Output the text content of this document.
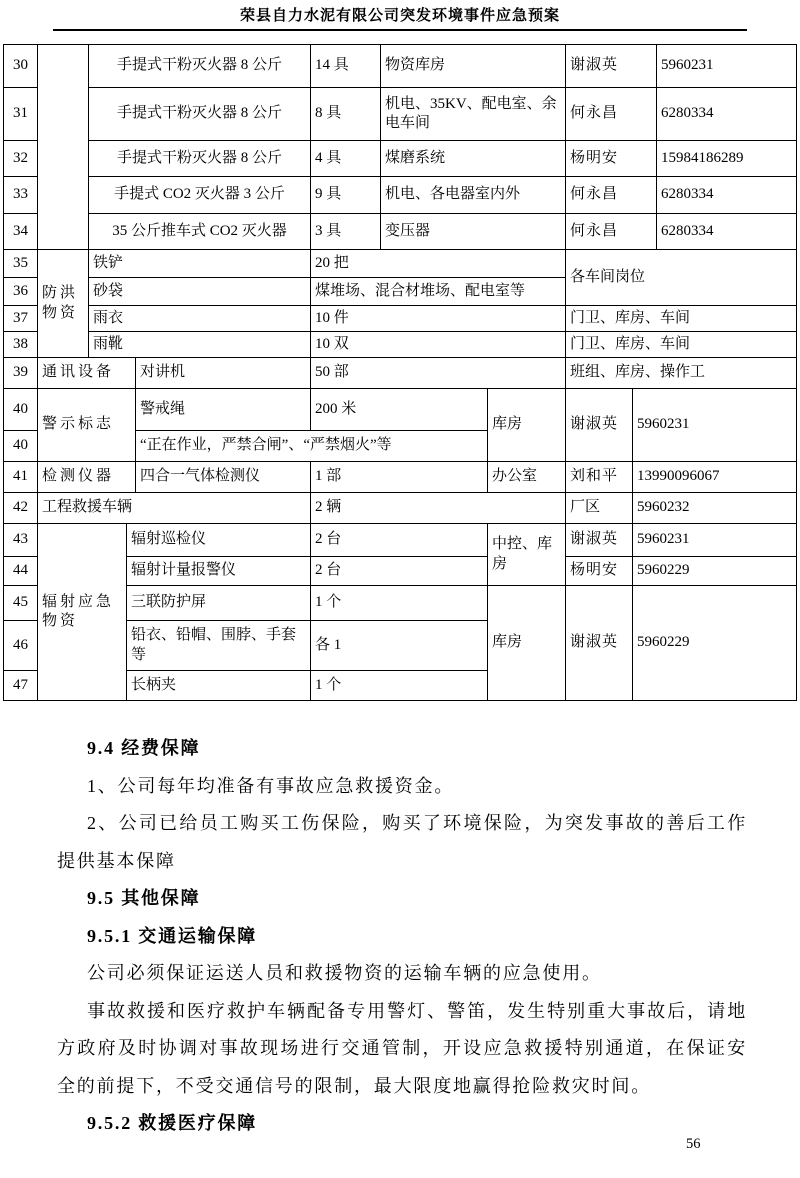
荣县自力水泥有限公司突发环境事件应急预案
30		手提式干粉灭火器 8 公斤			14 具	物资库房		谢淑英		5960231
31		手提式干粉灭火器 8 公斤			8 具	机电、35KV、配电室、余电车间		何永昌		6280334
32		手提式干粉灭火器 8 公斤			4 具	煤磨系统		杨明安		15984186289
33		手提式 CO2 灭火器 3 公斤			9 具	机电、各电器室内外		何永昌		6280334
34		35 公斤推车式 CO2 灭火器			3 具	变压器		何永昌		6280334
35	防洪物资	铁铲			20 把			各车间岗位		
36		砂袋			煤堆场、混合材堆场、配电室等					
37		雨衣			10 件			门卫、库房、车间		
38		雨靴			10 双			门卫、库房、车间		
39	通讯设备			对讲机	50 部			班组、库房、操作工		
40	警示标志			警戒绳	200 米		库房	谢淑英	5960231	
40				“正在作业，严禁合闸”、“严禁烟火”等						
41	检测仪器			四合一气体检测仪	1 部		办公室	刘和平	13990096067	
42	工程救援车辆				2 辆			厂区	5960232	
43	辐射应急物资		辐射巡检仪		2 台		中控、库房	谢淑英	5960231	
44			辐射计量报警仪		2 台			杨明安	5960229	
45			三联防护屏		1 个		库房	谢淑英	5960229	
46			铅衣、铅帽、围脖、手套等		各 1					
47			长柄夹		1 个					
9.4 经费保障

1、公司每年均准备有事故应急救援资金。

2、公司已给员工购买工伤保险，购买了环境保险，为突发事故的善后工作提供基本保障

9.5 其他保障
9.5.1 交通运输保障

公司必须保证运送人员和救援物资的运输车辆的应急使用。

事故救援和医疗救护车辆配备专用警灯、警笛，发生特别重大事故后，请地方政府及时协调对事故现场进行交通管制，开设应急救援特别通道，在保证安全的前提下，不受交通信号的限制，最大限度地赢得抢险救灾时间。

9.5.2 救援医疗保障
56
